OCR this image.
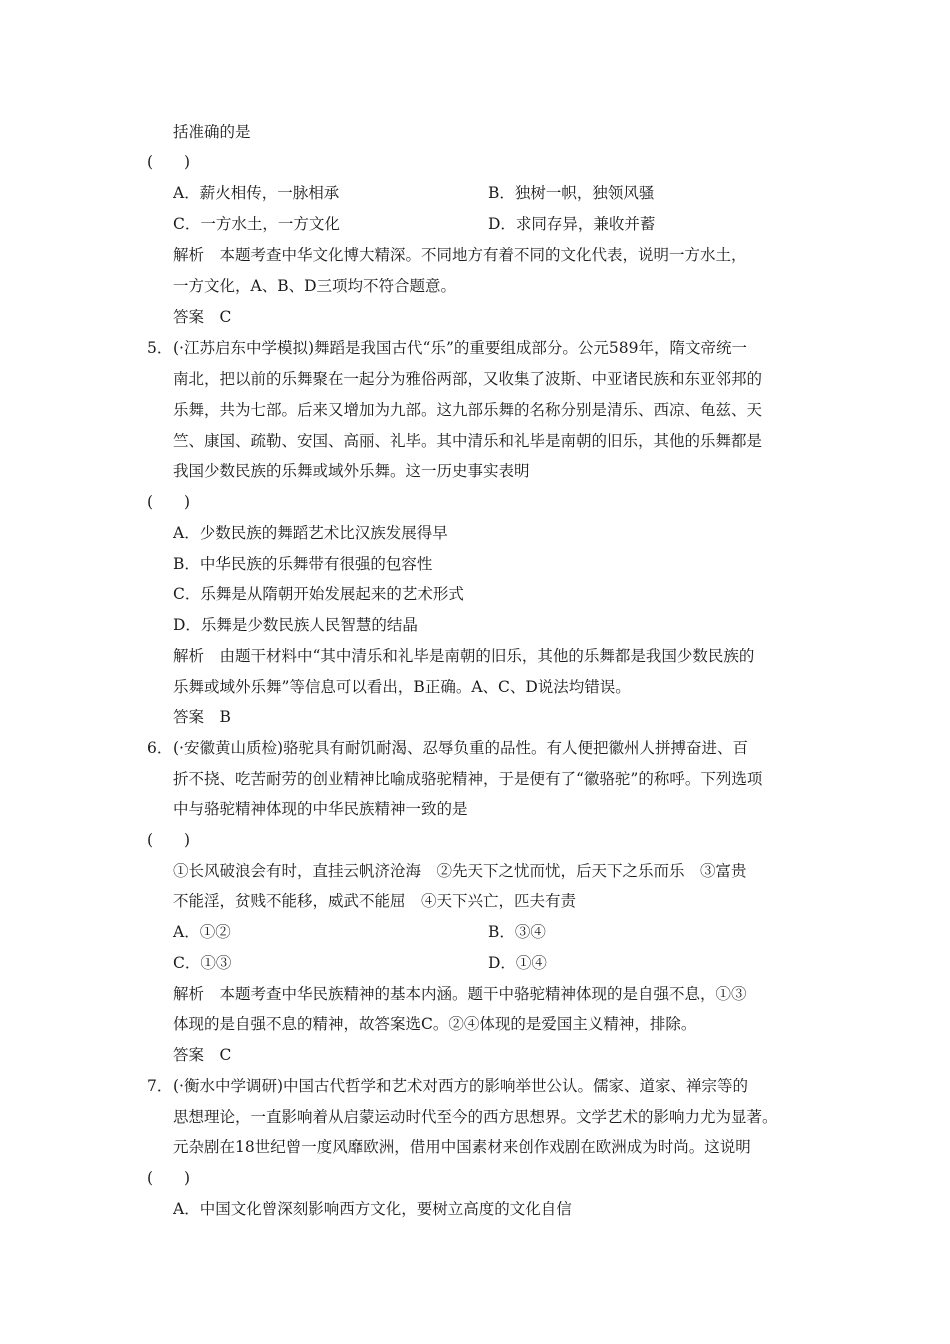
括准确的是
(　　)
A．薪火相传，一脉相承	B．独树一帜，独领风骚
C．一方水土，一方文化	D．求同存异，兼收并蓄
解析　本题考查中华文化博大精深。不同地方有着不同的文化代表，说明一方水土，
一方文化，A、B、D三项均不符合题意。
答案　C
5．(·江苏启东中学模拟)舞蹈是我国古代“乐”的重要组成部分。公元589年，隋文帝统一
南北，把以前的乐舞聚在一起分为雅俗两部，又收集了波斯、中亚诸民族和东亚邻邦的
乐舞，共为七部。后来又增加为九部。这九部乐舞的名称分别是清乐、西凉、龟兹、天
竺、康国、疏勒、安国、高丽、礼毕。其中清乐和礼毕是南朝的旧乐，其他的乐舞都是
我国少数民族的乐舞或域外乐舞。这一历史事实表明
(　　)
A．少数民族的舞蹈艺术比汉族发展得早
B．中华民族的乐舞带有很强的包容性
C．乐舞是从隋朝开始发展起来的艺术形式
D．乐舞是少数民族人民智慧的结晶
解析　由题干材料中“其中清乐和礼毕是南朝的旧乐，其他的乐舞都是我国少数民族的
乐舞或域外乐舞”等信息可以看出，B正确。A、C、D说法均错误。
答案　B
6．(·安徽黄山质检)骆驼具有耐饥耐渴、忍辱负重的品性。有人便把徽州人拼搏奋进、百
折不挠、吃苦耐劳的创业精神比喻成骆驼精神，于是便有了“徽骆驼”的称呼。下列选项
中与骆驼精神体现的中华民族精神一致的是
(　　)
①长风破浪会有时，直挂云帆济沧海　②先天下之忧而忧，后天下之乐而乐　③富贵
不能淫，贫贱不能移，威武不能屈　④天下兴亡，匹夫有责
A．①②	B．③④
C．①③	D．①④
解析　本题考查中华民族精神的基本内涵。题干中骆驼精神体现的是自强不息，①③
体现的是自强不息的精神，故答案选C。②④体现的是爱国主义精神，排除。
答案　C
7．(·衡水中学调研)中国古代哲学和艺术对西方的影响举世公认。儒家、道家、禅宗等的
思想理论，一直影响着从启蒙运动时代至今的西方思想界。文学艺术的影响力尤为显著。
元杂剧在18世纪曾一度风靡欧洲，借用中国素材来创作戏剧在欧洲成为时尚。这说明
(　　)
A．中国文化曾深刻影响西方文化，要树立高度的文化自信
